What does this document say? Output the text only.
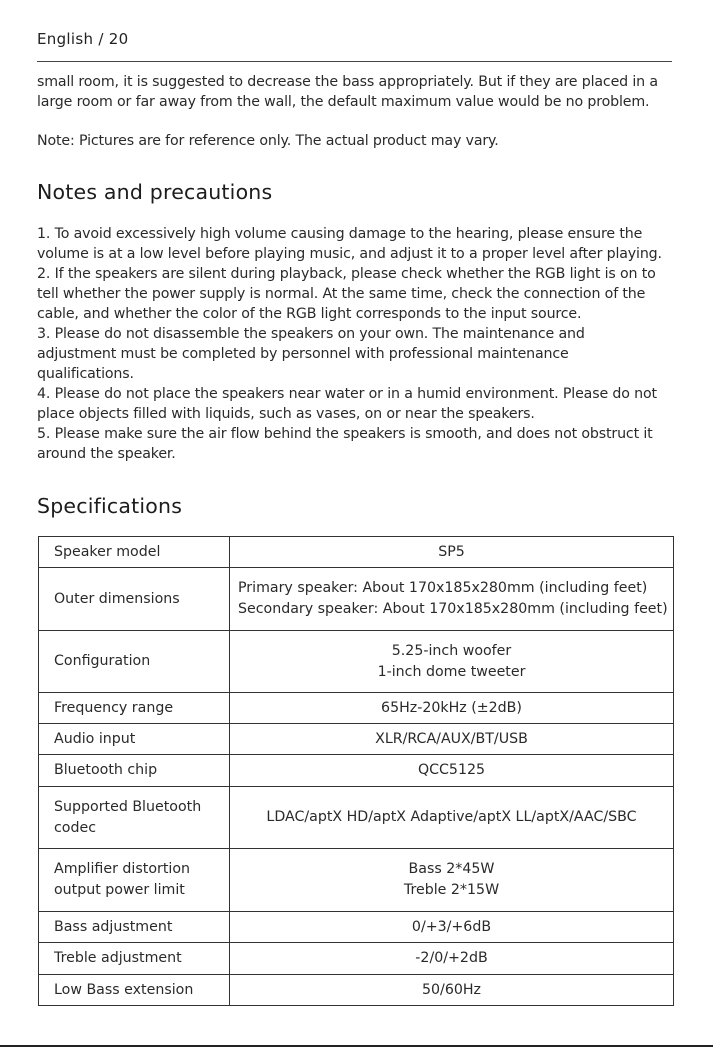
English / 20

small room, it is suggested to decrease the bass appropriately. But if they are placed in a

large room or far away from the wall, the default maximum value would be no problem.

Note: Pictures are for reference only. The actual product may vary.

Notes and precautions

1. To avoid excessively high volume causing damage to the hearing, please ensure the

volume is at a low level before playing music, and adjust it to a proper level after playing.

2. If the speakers are silent during playback, please check whether the RGB light is on to

tell whether the power supply is normal. At the same time, check the connection of the

cable, and whether the color of the RGB light corresponds to the input source.

3. Please do not disassemble the speakers on your own. The maintenance and

adjustment must be completed by personnel with professional maintenance

qualifications.

4. Please do not place the speakers near water or in a humid environment. Please do not

place objects filled with liquids, such as vases, on or near the speakers.

5. Please make sure the air flow behind the speakers is smooth, and does not obstruct it

around the speaker.

Specifications
Speaker model	SP5

Outer dimensions	Primary speaker: About 170x185x280mm (including feet)
Secondary speaker: About 170x185x280mm (including feet)

Configuration	5.25-inch woofer
1-inch dome tweeter

Frequency range	65Hz-20kHz (±2dB)

Audio input	XLR/RCA/AUX/BT/USB

Bluetooth chip	QCC5125

Supported Bluetooth
codec	LDAC/aptX HD/aptX Adaptive/aptX LL/aptX/AAC/SBC

Amplifier distortion
output power limit	Bass 2*45W
Treble 2*15W

Bass adjustment	0/+3/+6dB

Treble adjustment	-2/0/+2dB

Low Bass extension	50/60Hz
